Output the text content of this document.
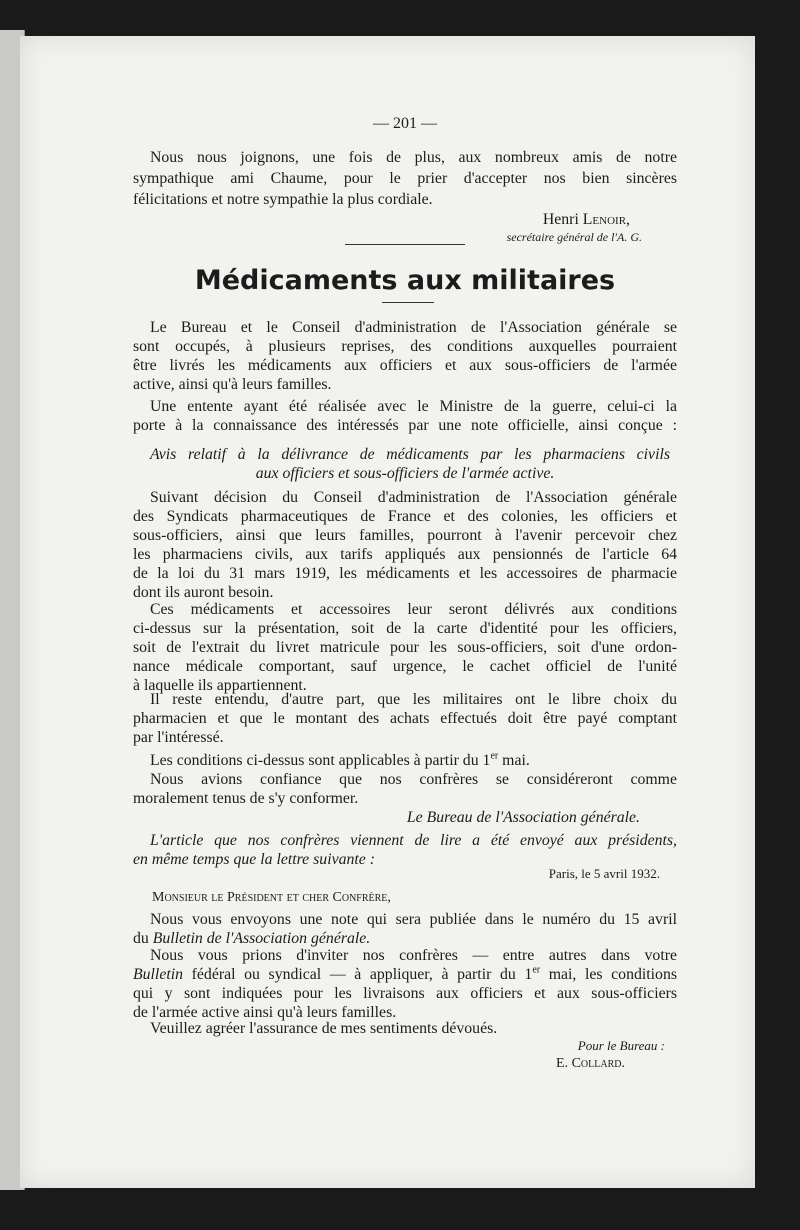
— 201 —
Nous nous joignons, une fois de plus, aux nombreux amis de notre
sympathique ami Chaume, pour le prier d'accepter nos bien sincères
félicitations et notre sympathie la plus cordiale.
Henri Lenoir,
secrétaire général de l'A. G.
Médicaments aux militaires
Le Bureau et le Conseil d'administration de l'Association générale se
sont occupés, à plusieurs reprises, des conditions auxquelles pourraient
être livrés les médicaments aux officiers et aux sous-officiers de l'armée
active, ainsi qu'à leurs familles.
Une entente ayant été réalisée avec le Ministre de la guerre, celui-ci la
porte à la connaissance des intéressés par une note officielle, ainsi conçue :
Avis relatif à la délivrance de médicaments par les pharmaciens civils
aux officiers et sous-officiers de l'armée active.
Suivant décision du Conseil d'administration de l'Association générale
des Syndicats pharmaceutiques de France et des colonies, les officiers et
sous-officiers, ainsi que leurs familles, pourront à l'avenir percevoir chez
les pharmaciens civils, aux tarifs appliqués aux pensionnés de l'article 64
de la loi du 31 mars 1919, les médicaments et les accessoires de pharmacie
dont ils auront besoin.
Ces médicaments et accessoires leur seront délivrés aux conditions
ci-dessus sur la présentation, soit de la carte d'identité pour les officiers,
soit de l'extrait du livret matricule pour les sous-officiers, soit d'une ordon-
nance médicale comportant, sauf urgence, le cachet officiel de l'unité
à laquelle ils appartiennent.
Il reste entendu, d'autre part, que les militaires ont le libre choix du
pharmacien et que le montant des achats effectués doit être payé comptant
par l'intéressé.
Les conditions ci-dessus sont applicables à partir du 1er mai.
Nous avions confiance que nos confrères se considéreront comme
moralement tenus de s'y conformer.
Le Bureau de l'Association générale.
L'article que nos confrères viennent de lire a été envoyé aux présidents,
en même temps que la lettre suivante :
Paris, le 5 avril 1932.
Monsieur le Président et cher Confrère,
Nous vous envoyons une note qui sera publiée dans le numéro du 15 avril
du Bulletin de l'Association générale.
Nous vous prions d'inviter nos confrères — entre autres dans votre
Bulletin fédéral ou syndical — à appliquer, à partir du 1er mai, les conditions
qui y sont indiquées pour les livraisons aux officiers et aux sous-officiers
de l'armée active ainsi qu'à leurs familles.
Veuillez agréer l'assurance de mes sentiments dévoués.
Pour le Bureau :
E. Collard.
